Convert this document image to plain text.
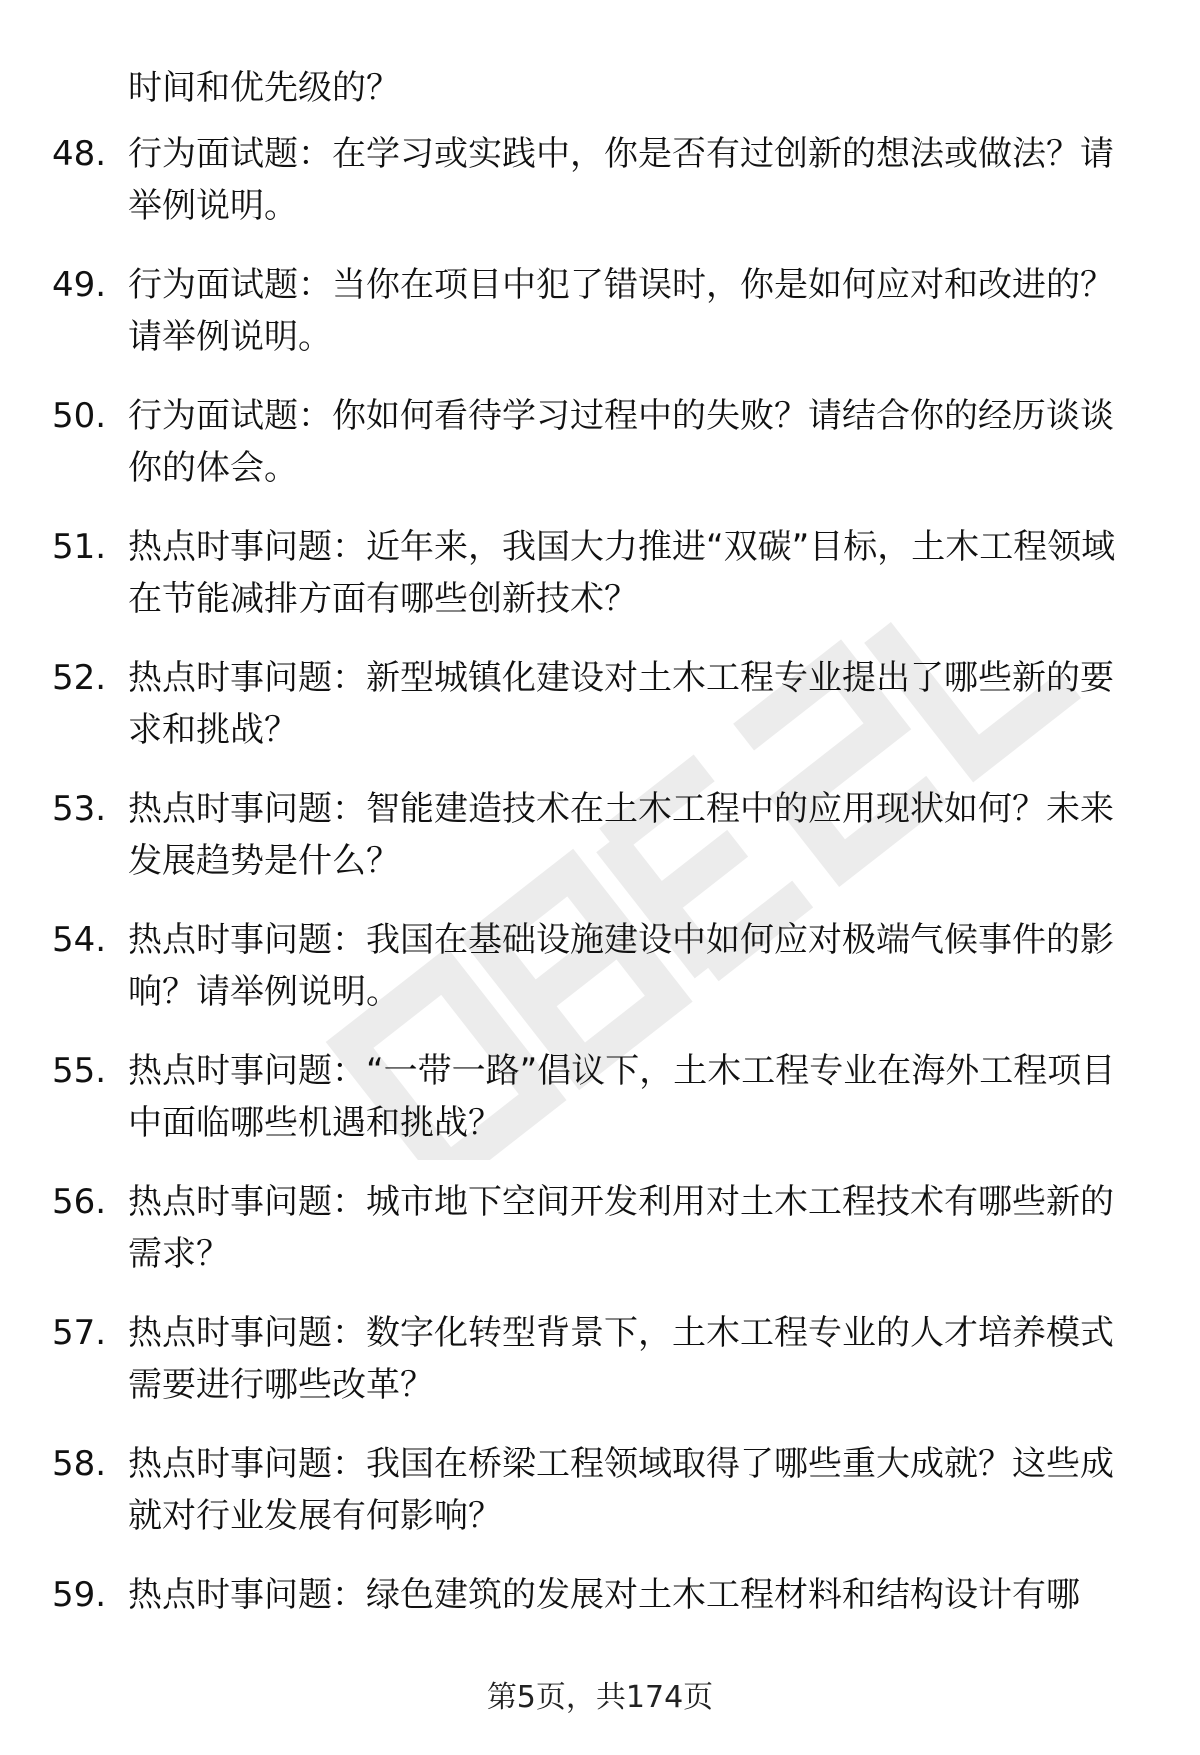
时间和优先级的？
48. 行为面试题：在学习或实践中，你是否有过创新的想法或做法？请举例说明。
49. 行为面试题：当你在项目中犯了错误时，你是如何应对和改进的？请举例说明。
50. 行为面试题：你如何看待学习过程中的失败？请结合你的经历谈谈你的体会。
51. 热点时事问题：近年来，我国大力推进“双碳”目标，土木工程领域在节能减排方面有哪些创新技术？
52. 热点时事问题：新型城镇化建设对土木工程专业提出了哪些新的要求和挑战？
53. 热点时事问题：智能建造技术在土木工程中的应用现状如何？未来发展趋势是什么？
54. 热点时事问题：我国在基础设施建设中如何应对极端气候事件的影响？请举例说明。
55. 热点时事问题：“一带一路”倡议下，土木工程专业在海外工程项目中面临哪些机遇和挑战？
56. 热点时事问题：城市地下空间开发利用对土木工程技术有哪些新的需求？
57. 热点时事问题：数字化转型背景下，土木工程专业的人才培养模式需要进行哪些改革？
58. 热点时事问题：我国在桥梁工程领域取得了哪些重大成就？这些成就对行业发展有何影响？
59. 热点时事问题：绿色建筑的发展对土木工程材料和结构设计有哪
第5页，共174页
